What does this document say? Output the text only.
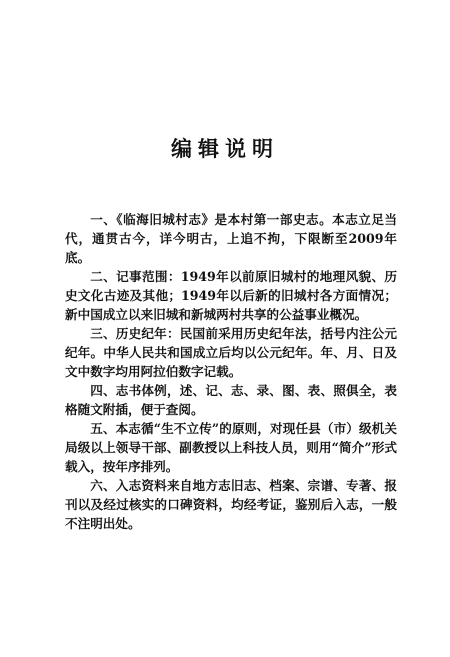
编辑说明

一、《临海旧城村志》是本村第一部史志。本志立足当代，通贯古今，详今明古，上追不拘，下限断至2009年底。

二、记事范围：1949年以前原旧城村的地理风貌、历史文化古迹及其他；1949年以后新的旧城村各方面情况；新中国成立以来旧城和新城两村共享的公益事业概况。

三、历史纪年：民国前采用历史纪年法，括号内注公元纪年。中华人民共和国成立后均以公元纪年。年、月、日及文中数字均用阿拉伯数字记载。

四、志书体例，述、记、志、录、图、表、照俱全，表格随文附插，便于查阅。

五、本志循“生不立传”的原则，对现任县（市）级机关局级以上领导干部、副教授以上科技人员，则用“简介”形式载入，按年序排列。

六、入志资料来自地方志旧志、档案、宗谱、专著、报刊以及经过核实的口碑资料，均经考证，鉴别后入志，一般不注明出处。
